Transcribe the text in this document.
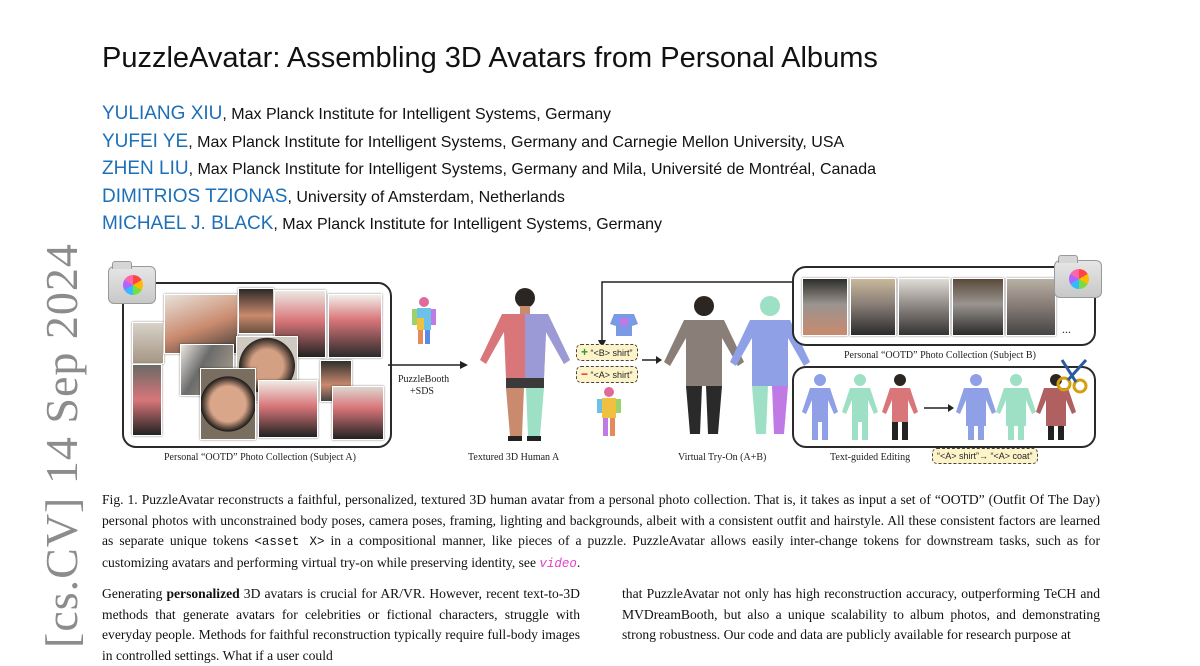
[cs.CV] 14 Sep 2024
PuzzleAvatar: Assembling 3D Avatars from Personal Albums
YULIANG XIU, Max Planck Institute for Intelligent Systems, Germany
YUFEI YE, Max Planck Institute for Intelligent Systems, Germany and Carnegie Mellon University, USA
ZHEN LIU, Max Planck Institute for Intelligent Systems, Germany and Mila, Université de Montréal, Canada
DIMITRIOS TZIONAS, University of Amsterdam, Netherlands
MICHAEL J. BLACK, Max Planck Institute for Intelligent Systems, Germany
Personal “OOTD” Photo Collection (Subject A)
PuzzleBooth
+SDS
Textured 3D Human A
+ “<B> shirt”
− “<A> shirt”
Virtual Try-On (A+B)
...
Personal “OOTD” Photo Collection (Subject B)
Text-guided Editing	“<A> shirt”→ “<A> coat”
Fig. 1. PuzzleAvatar reconstructs a faithful, personalized, textured 3D human avatar from a personal photo collection. That is, it takes as input a set of “OOTD” (Outfit Of The Day) personal photos with unconstrained body poses, camera poses, framing, lighting and backgrounds, albeit with a consistent outfit and hairstyle. All these consistent factors are learned as separate unique tokens <asset X> in a compositional manner, like pieces of a puzzle. PuzzleAvatar allows easily inter-change tokens for downstream tasks, such as for customizing avatars and performing virtual try-on while preserving identity, see video.
Generating personalized 3D avatars is crucial for AR/VR. However, recent text-to-3D methods that generate avatars for celebrities or fictional characters, struggle with everyday people. Methods for faithful reconstruction typically require full-body images in controlled settings. What if a user could
that PuzzleAvatar not only has high reconstruction accuracy, outperforming TeCH and MVDreamBooth, but also a unique scalability to album photos, and demonstrating strong robustness. Our code and data are publicly available for research purpose at
